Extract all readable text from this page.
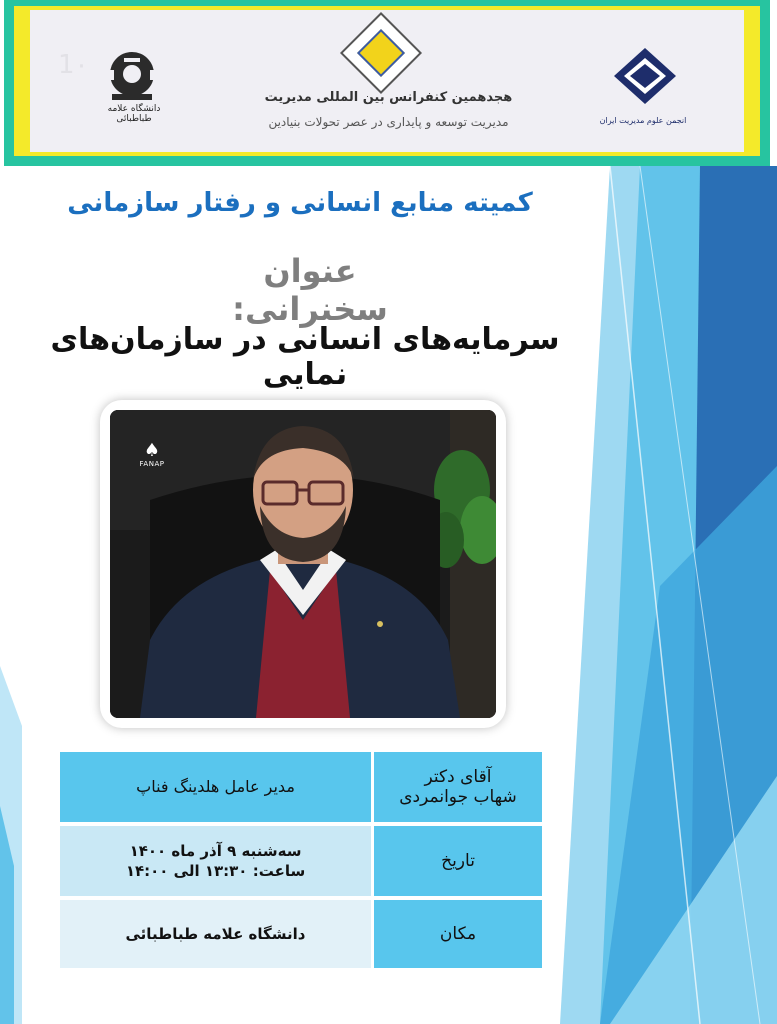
1۰
هجدهمین کنفرانس بین المللی مدیریت
مدیریت توسعه و پایداری در عصر تحولات بنیادین
دانشگاه علامه طباطبائی	انجمن علوم مدیریت ایران
کمیته منابع انسانی و رفتار سازمانی
عنوان سخنرانی:
سرمایه‌های انسانی در سازمان‌های نمایی
♠
FANAP
مدیر عامل هلدینگ فناپ	آقای دکتر
شهاب جوانمردی
سه‌شنبه ۹ آذر ماه ۱۴۰۰
ساعت: ۱۳:۳۰ الی ۱۴:۰۰	تاریخ
دانشگاه علامه طباطبائی	مکان
